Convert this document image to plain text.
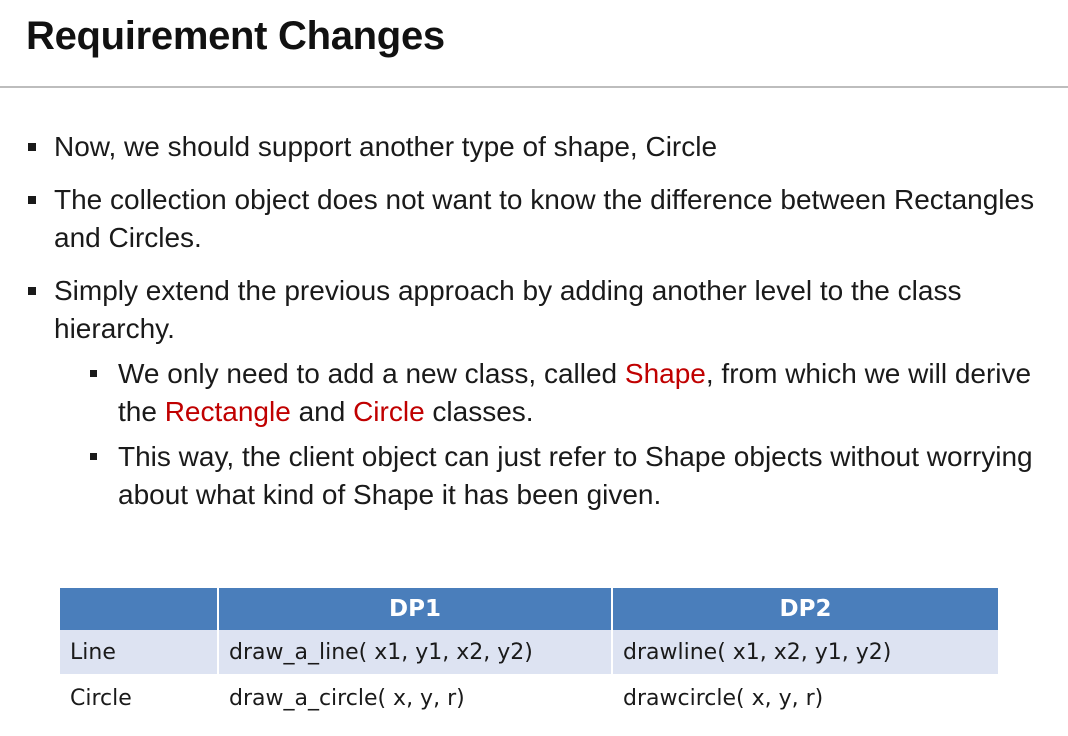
Requirement Changes
Now, we should support another type of shape, Circle
The collection object does not want to know the difference between Rectangles and Circles.
Simply extend the previous approach by adding another level to the class hierarchy.
We only need to add a new class, called Shape, from which we will derive the Rectangle and Circle classes.
This way, the client object can just refer to Shape objects without worrying about what kind of Shape it has been given.
	DP1	DP2
Line	draw_a_line( x1, y1, x2, y2)	drawline( x1, x2, y1, y2)
Circle	draw_a_circle( x, y, r)	drawcircle( x, y, r)
